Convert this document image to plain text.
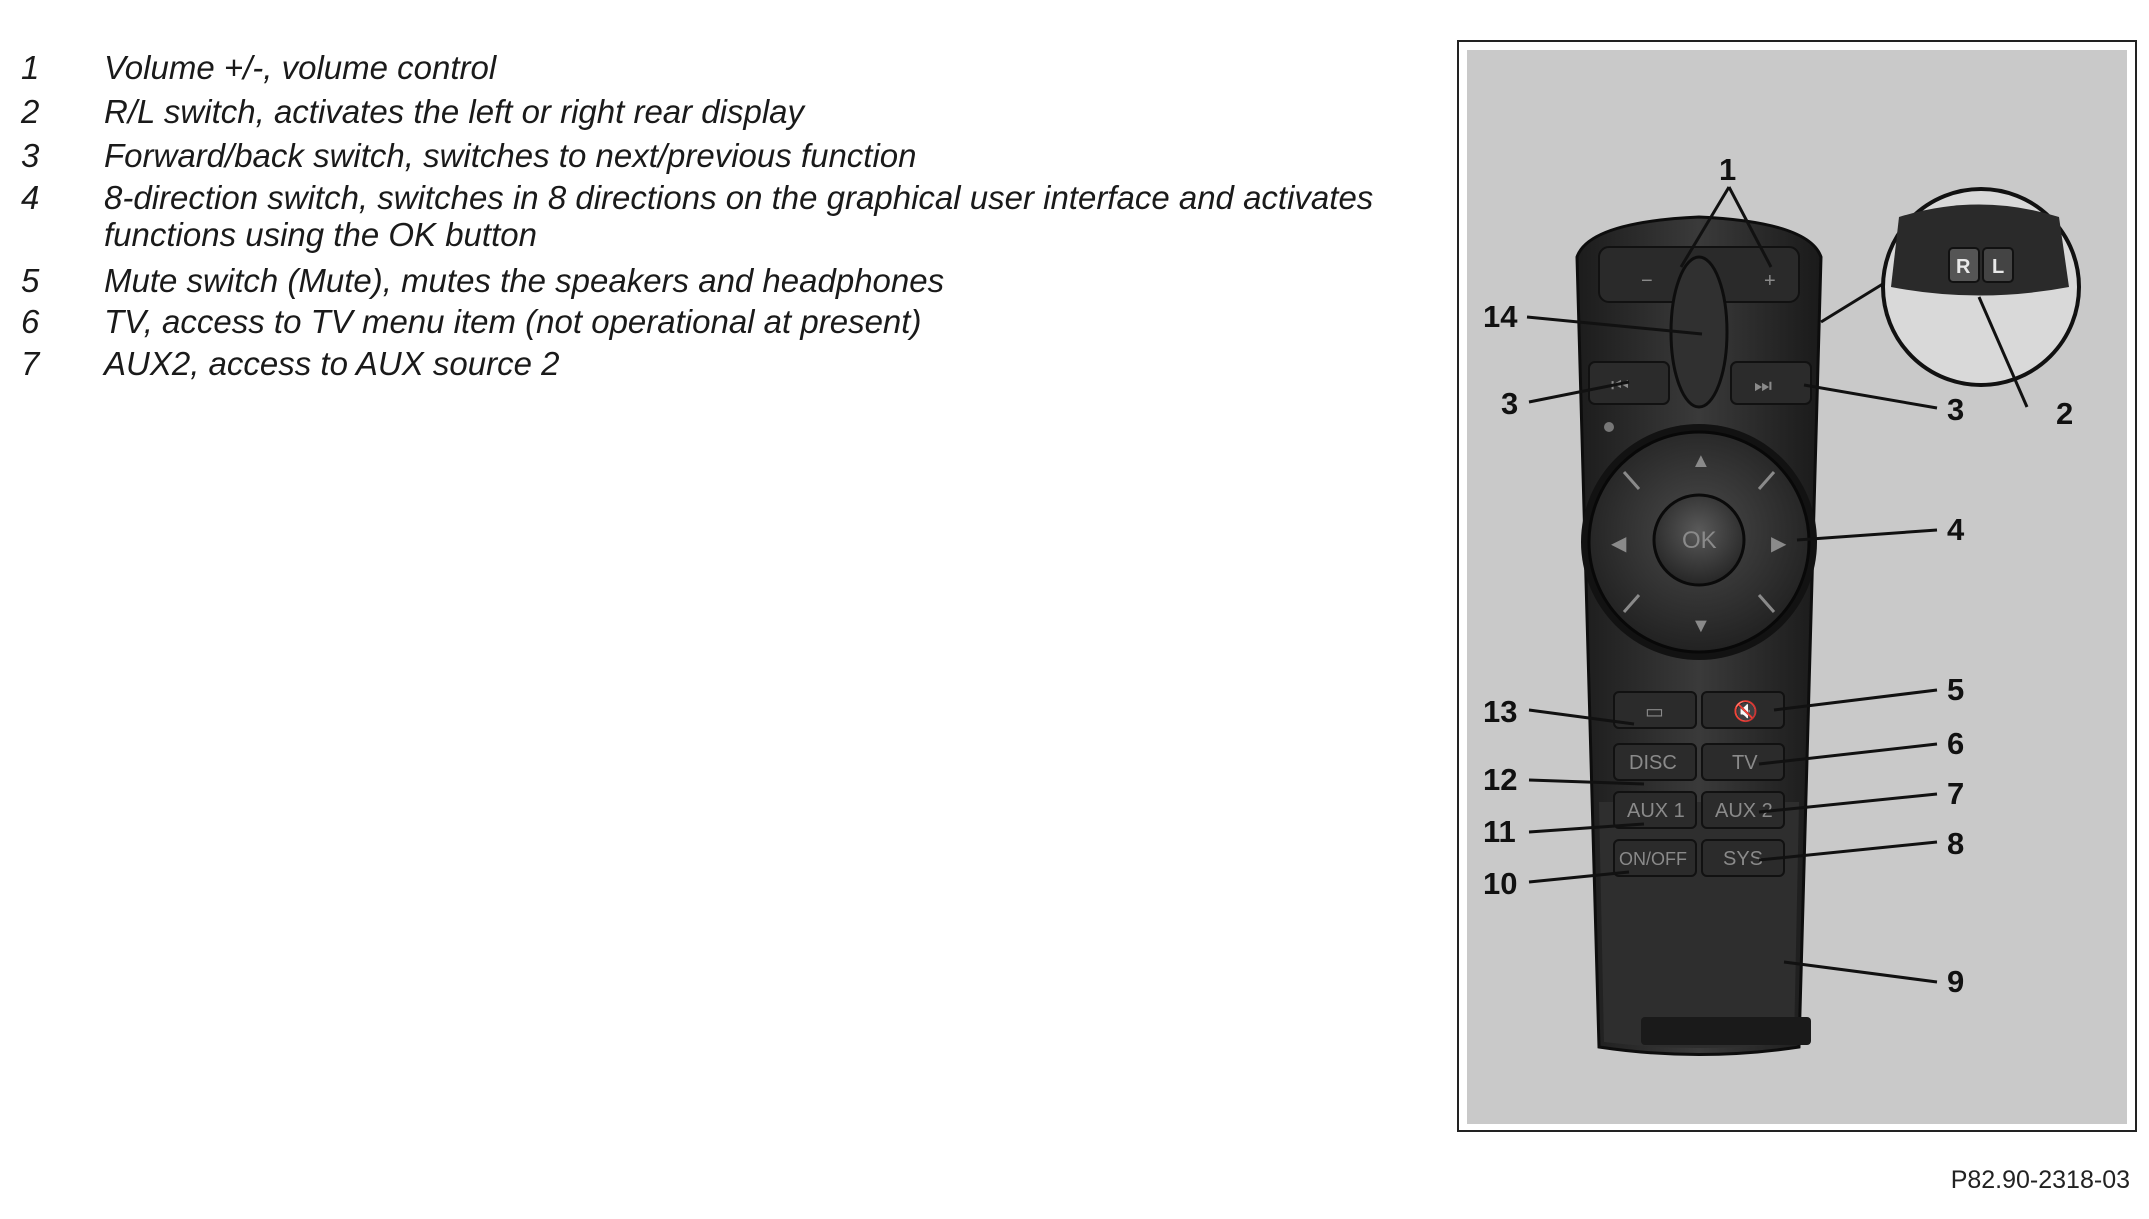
1 Volume +/-, volume control
2 R/L switch, activates the left or right rear display
3 Forward/back switch, switches to next/previous function
4 8-direction switch, switches in 8 directions on the graphical user interface and activates functions using the OK button
5 Mute switch (Mute), mutes the speakers and headphones
6 TV, access to TV menu item (not operational at present)
7 AUX2, access to AUX source 2
−	+
⏮	⏭
▲
▼
◀	▶
OK
▭	🔇
DISC	TV
AUX 1 AUX 2
ON/OFF SYS
R L
1
2
3	3
4
5
6
7
8
9
10
11
12
13
14
P82.90-2318-03
